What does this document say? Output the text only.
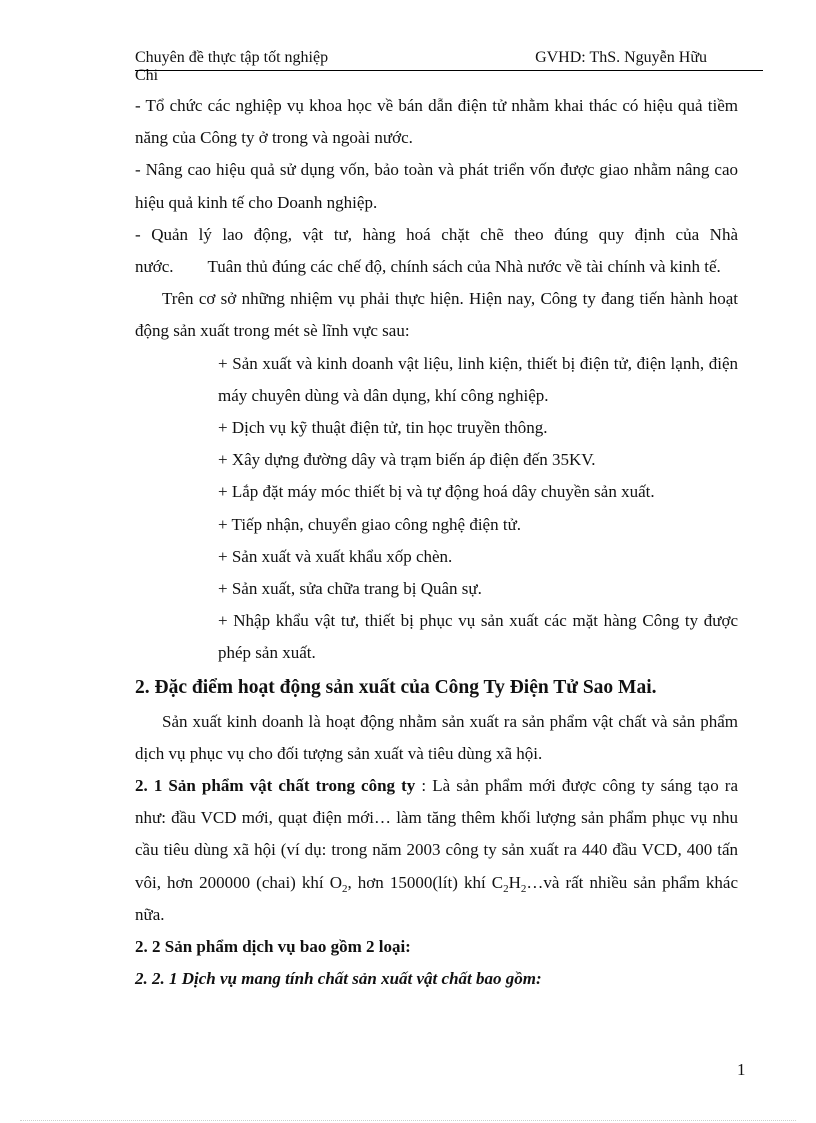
Chuyên đề thực tập tốt nghiệp	GVHD: ThS. Nguyễn Hữu
Chi

- Tổ chức các nghiệp vụ khoa học về bán dẫn điện tử nhằm khai thác có hiệu quả tiềm năng của Công ty ở trong và ngoài nước.

- Nâng cao hiệu quả sử dụng vốn, bảo toàn và phát triển vốn được giao nhằm nâng cao hiệu quả kinh tế cho Doanh nghiệp.

- Quản lý lao động, vật tư, hàng hoá chặt chẽ theo đúng quy định của Nhà nước. Tuân thủ đúng các chế độ, chính sách của Nhà nước về tài chính và kinh tế.

Trên cơ sở những nhiệm vụ phải thực hiện. Hiện nay, Công ty đang tiến hành hoạt động sản xuất trong mét sè lĩnh vực sau:

+ Sản xuất và kinh doanh vật liệu, linh kiện, thiết bị điện tử, điện lạnh, điện máy chuyên dùng và dân dụng, khí công nghiệp.

+ Dịch vụ kỹ thuật điện tử, tin học truyền thông.

+ Xây dựng đường dây và trạm biến áp điện đến 35KV.

+ Lắp đặt máy móc thiết bị và tự động hoá dây chuyền sản xuất.

+ Tiếp nhận, chuyển giao công nghệ điện tử.

+ Sản xuất và xuất khẩu xốp chèn.

+ Sản xuất, sửa chữa trang bị Quân sự.

+ Nhập khẩu vật tư, thiết bị phục vụ sản xuất các mặt hàng Công ty được phép sản xuất.

2. Đặc điểm hoạt động sản xuất của Công Ty Điện Tử Sao Mai.

Sản xuất kinh doanh là hoạt động nhằm sản xuất ra sản phẩm vật chất và sản phẩm dịch vụ phục vụ cho đối tượng sản xuất và tiêu dùng xã hội.

2. 1 Sản phẩm vật chất trong công ty : Là sản phẩm mới được công ty sáng tạo ra như: đầu VCD mới, quạt điện mới… làm tăng thêm khối lượng sản phẩm phục vụ nhu cầu tiêu dùng xã hội (ví dụ: trong năm 2003 công ty sản xuất ra 440 đầu VCD, 400 tấn vôi, hơn 200000 (chai) khí $O_2$, hơn 15000(lít) khí $C_2H_2\dots và$ rất nhiều sản phẩm khác nữa.

2. 2 Sản phẩm dịch vụ bao gồm 2 loại:

2. 2. 1 Dịch vụ mang tính chất sản xuất vật chất bao gồm:

1
